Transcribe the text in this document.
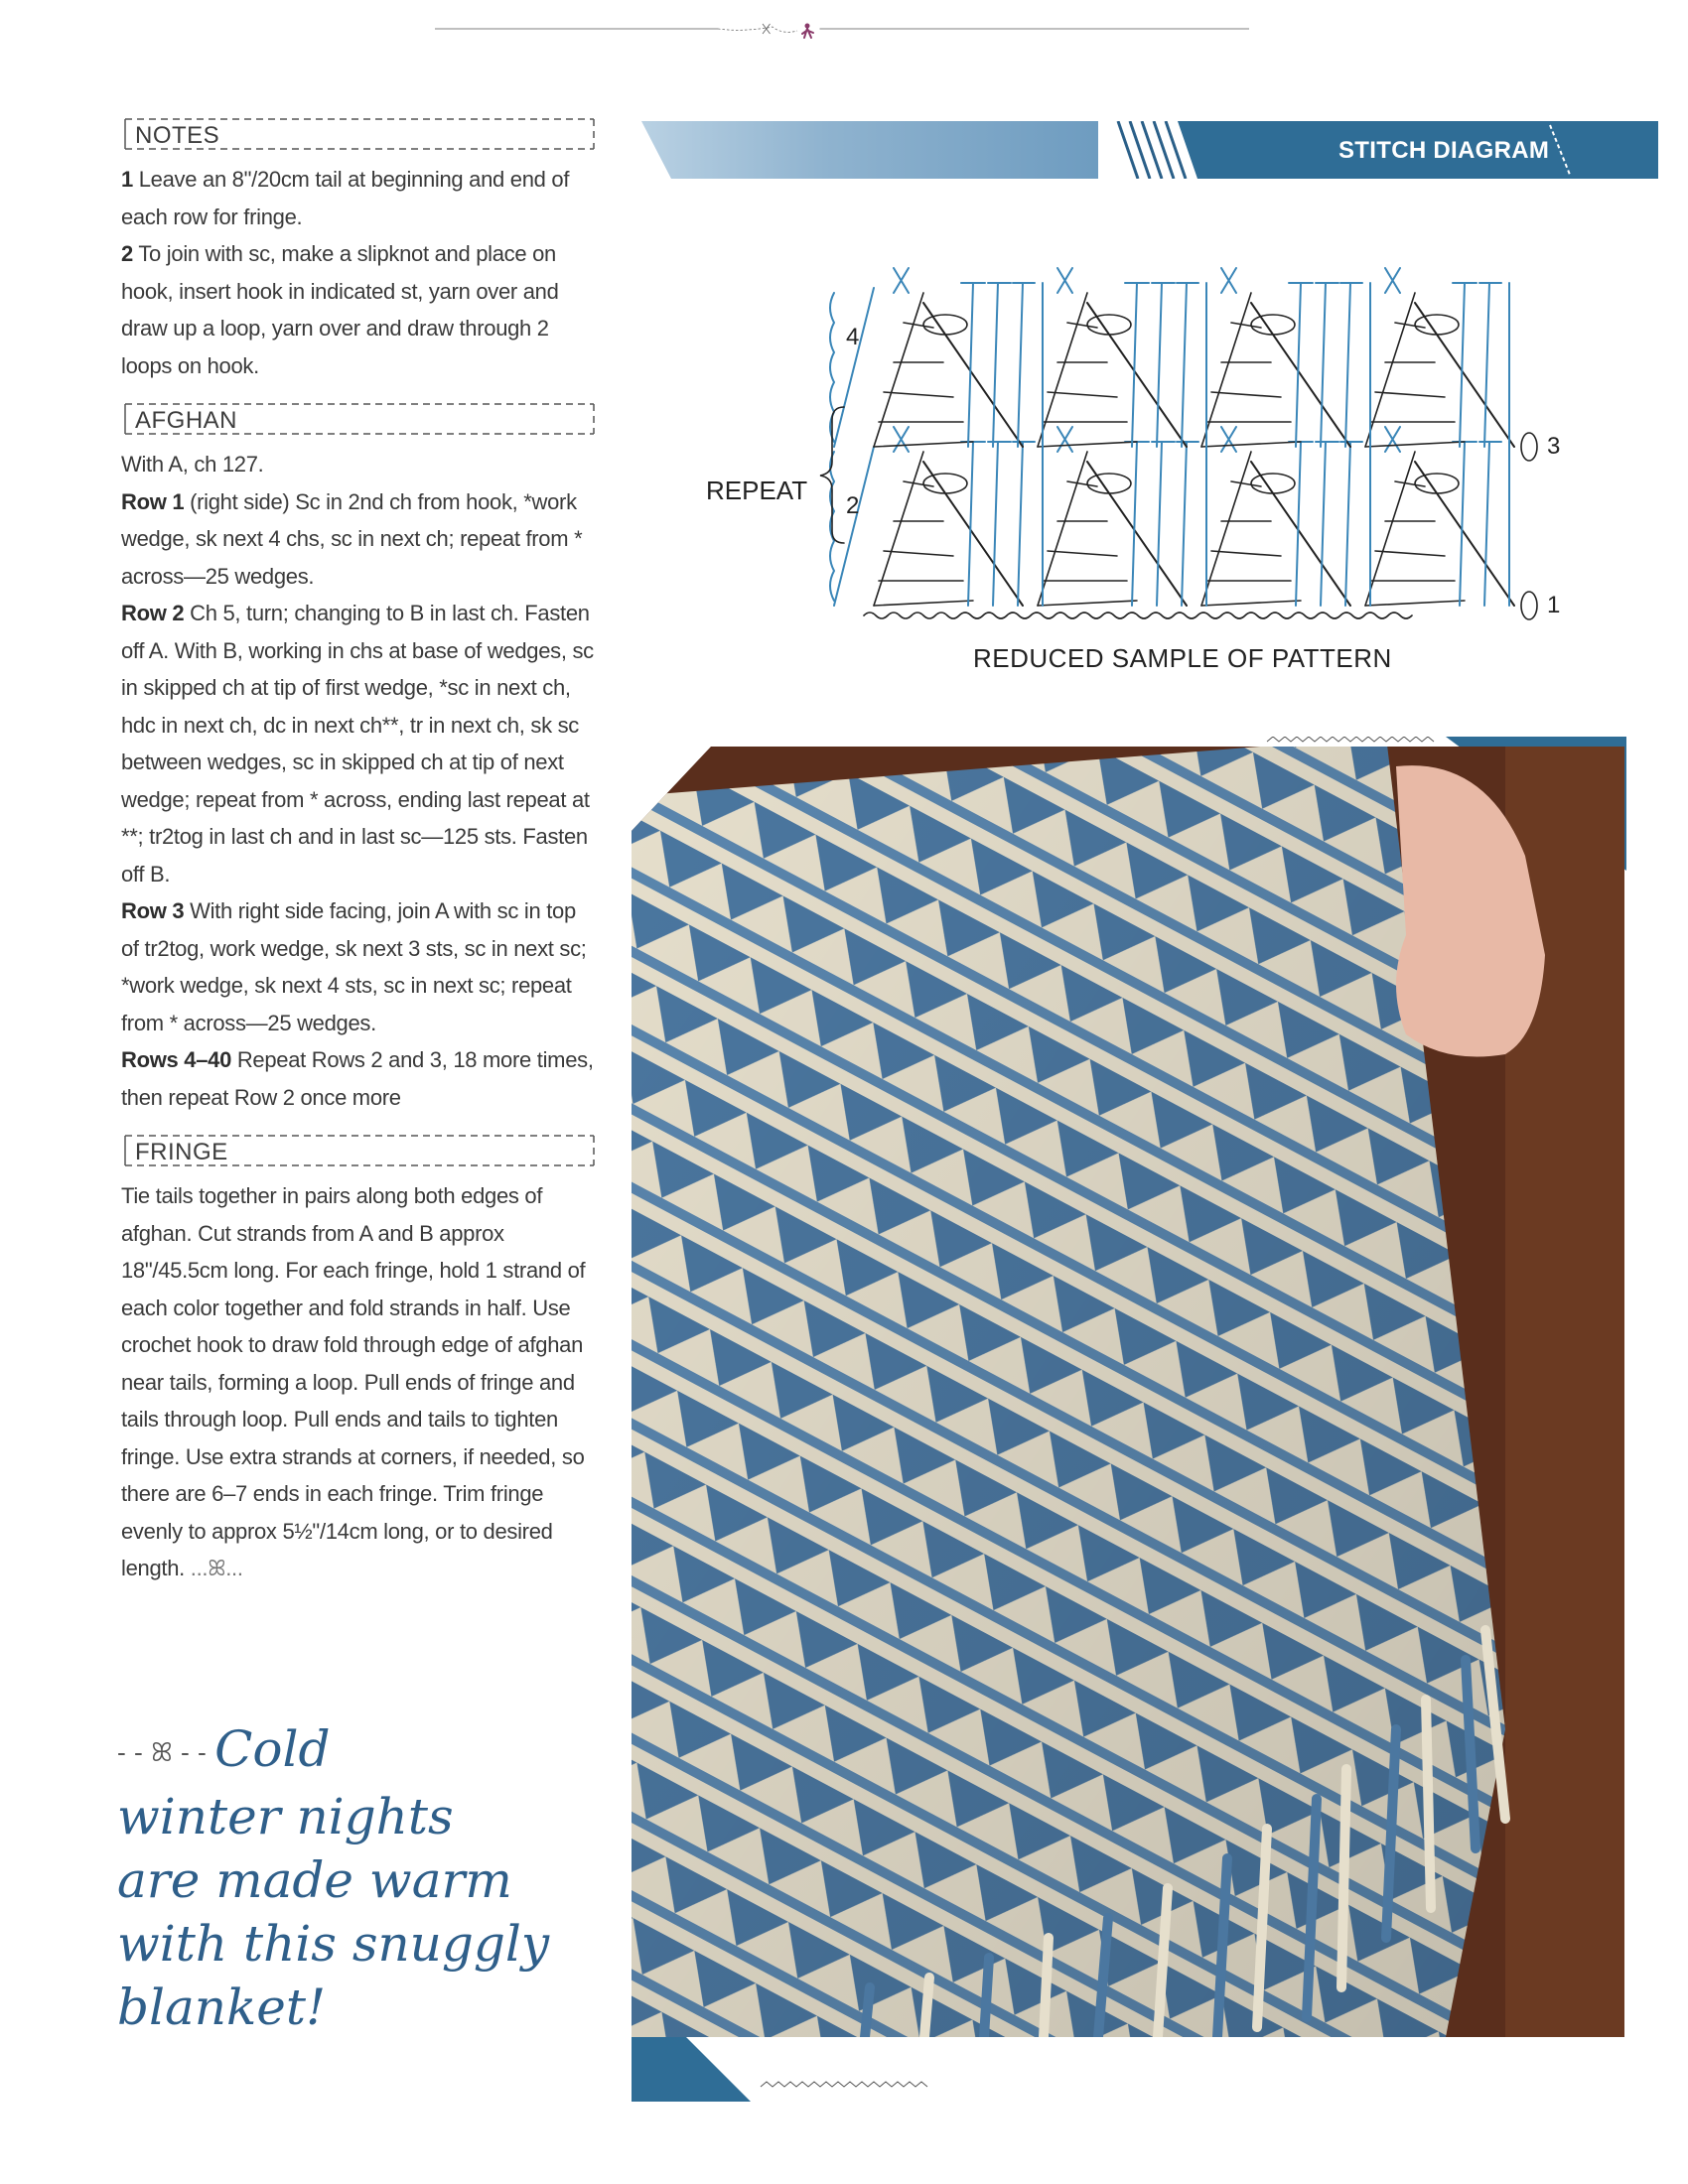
NOTES

1 Leave an 8"/20cm tail at beginning and end of each row for fringe.

2 To join with sc, make a slipknot and place on hook, insert hook in indicated st, yarn over and draw up a loop, yarn over and draw through 2 loops on hook.

AFGHAN

With A, ch 127.

Row 1 (right side) Sc in 2nd ch from hook, *work wedge, sk next 4 chs, sc in next ch; repeat from * across—25 wedges.

Row 2 Ch 5, turn; changing to B in last ch. Fasten off A. With B, working in chs at base of wedges, sc in skipped ch at tip of first wedge, *sc in next ch, hdc in next ch, dc in next ch**, tr in next ch, sk sc between wedges, sc in skipped ch at tip of next wedge; repeat from * across, ending last repeat at **; tr2tog in last ch and in last sc—125 sts. Fasten off B.

Row 3 With right side facing, join A with sc in top of tr2tog, work wedge, sk next 3 sts, sc in next sc; *work wedge, sk next 4 sts, sc in next sc; repeat from * across—25 wedges.

Rows 4–40 Repeat Rows 2 and 3, 18 more times, then repeat Row 2 once more

FRINGE

Tie tails together in pairs along both edges of afghan. Cut strands from A and B approx 18"/45.5cm long. For each fringe, hold 1 strand of each color together and fold strands in half. Use crochet hook to draw fold through edge of afghan near tails, forming a loop. Pull ends of fringe and tails through loop. Pull ends and tails to tighten fringe. Use extra strands at corners, if needed, so there are 6–7 ends in each fringe. Trim fringe evenly to approx 5½"/14cm long, or to desired length. ...ꕤ...

- - ꕤ - - Cold
winter nights
are made warm
with this snuggly
blanket!
STITCH DIAGRAM
1
2
3
4
REPEAT
REDUCED SAMPLE OF PATTERN
